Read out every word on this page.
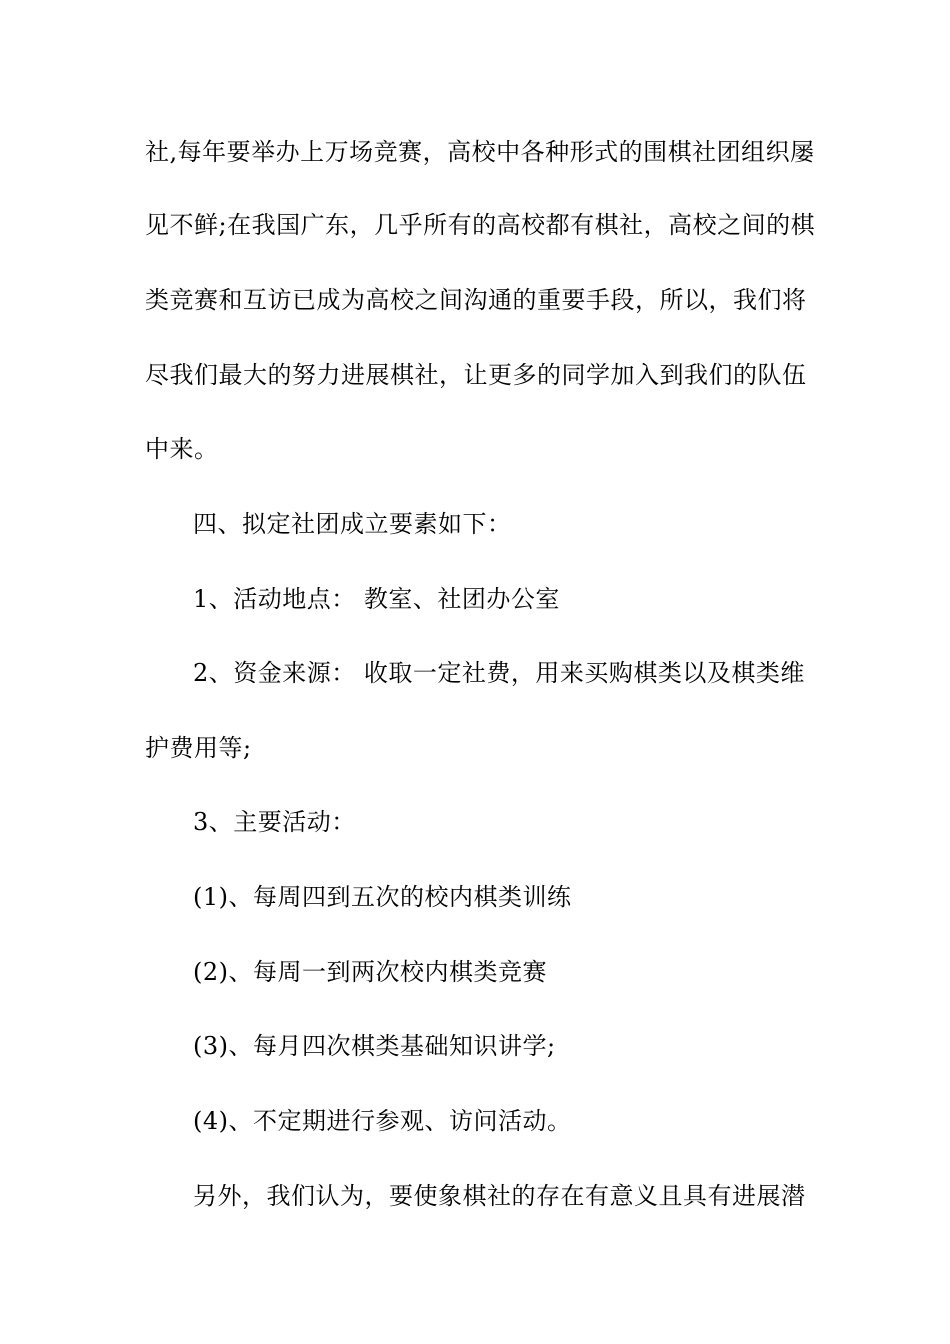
社,每年要举办上万场竞赛，高校中各种形式的围棋社团组织屡
见不鲜;在我国广东，几乎所有的高校都有棋社，高校之间的棋
类竞赛和互访已成为高校之间沟通的重要手段，所以，我们将
尽我们最大的努力进展棋社，让更多的同学加入到我们的队伍
中来。
四、拟定社团成立要素如下：
1、活动地点： 教室、社团办公室
2、资金来源： 收取一定社费，用来买购棋类以及棋类维
护费用等;
3、主要活动：
(1)、每周四到五次的校内棋类训练
(2)、每周一到两次校内棋类竞赛
(3)、每月四次棋类基础知识讲学;
(4)、不定期进行参观、访问活动。
另外，我们认为，要使象棋社的存在有意义且具有进展潜
